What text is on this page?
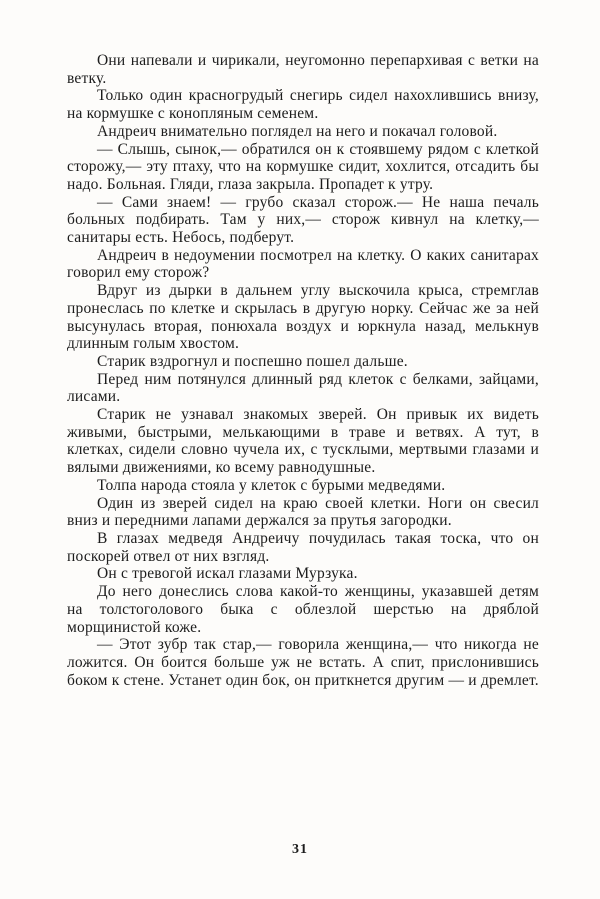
Они напевали и чирикали, неугомонно перепархивая с ветки на ветку.

Только один красногрудый снегирь сидел нахохлившись внизу, на кормушке с конопляным семенем.

Андреич внимательно поглядел на него и покачал головой.

— Слышь, сынок,— обратился он к стоявшему рядом с клеткой сторожу,— эту птаху, что на кормушке сидит, хохлится, отсадить бы надо. Больная. Гляди, глаза закрыла. Пропадет к утру.

— Сами знаем! — грубо сказал сторож.— Не наша печаль больных подбирать. Там у них,— сторож кивнул на клетку,— санитары есть. Небось, подберут.

Андреич в недоумении посмотрел на клетку. О каких санитарах говорил ему сторож?

Вдруг из дырки в дальнем углу выскочила крыса, стремглав пронеслась по клетке и скрылась в другую норку. Сейчас же за ней высунулась вторая, понюхала воздух и юркнула назад, мелькнув длинным голым хвостом.

Старик вздрогнул и поспешно пошел дальше.

Перед ним потянулся длинный ряд клеток с белками, зайцами, лисами.

Старик не узнавал знакомых зверей. Он привык их видеть живыми, быстрыми, мелькающими в траве и ветвях. А тут, в клетках, сидели словно чучела их, с тусклыми, мертвыми глазами и вялыми движениями, ко всему равнодушные.

Толпа народа стояла у клеток с бурыми медведями.

Один из зверей сидел на краю своей клетки. Ноги он свесил вниз и передними лапами держался за прутья загородки.

В глазах медведя Андреичу почудилась такая тоска, что он поскорей отвел от них взгляд.

Он с тревогой искал глазами Мурзука.

До него донеслись слова какой-то женщины, указавшей детям на толстоголового быка с облезлой шерстью на дряблой морщинистой коже.

— Этот зубр так стар,— говорила женщина,— что никогда не ложится. Он боится больше уж не встать. А спит, прислонившись боком к стене. Устанет один бок, он приткнется другим — и дремлет.

31
